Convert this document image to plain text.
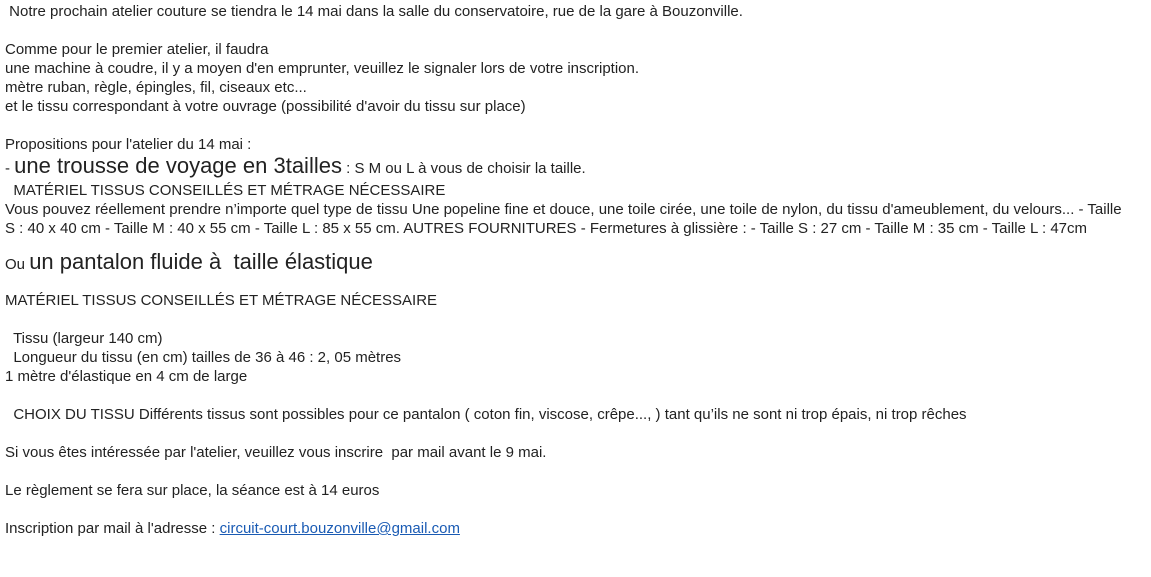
Notre prochain atelier couture se tiendra le 14 mai dans la salle du conservatoire, rue de la gare à Bouzonville.
Comme pour le premier atelier, il faudra
une machine à coudre, il y a moyen d'en emprunter, veuillez le signaler lors de votre inscription.
mètre ruban, règle, épingles, fil, ciseaux etc...
et le tissu correspondant à votre ouvrage (possibilité d'avoir du tissu sur place)
Propositions pour l'atelier du 14 mai :
- une trousse de voyage en 3tailles : S M ou L à vous de choisir la taille.
MATÉRIEL TISSUS CONSEILLÉS ET MÉTRAGE NÉCESSAIRE
Vous pouvez réellement prendre n’importe quel type de tissu Une popeline fine et douce, une toile cirée, une toile de nylon, du tissu d'ameublement, du velours... - Taille S : 40 x 40 cm - Taille M : 40 x 55 cm - Taille L : 85 x 55 cm. AUTRES FOURNITURES - Fermetures à glissière : - Taille S : 27 cm - Taille M : 35 cm - Taille L : 47cm
Ou un pantalon fluide à  taille élastique
MATÉRIEL TISSUS CONSEILLÉS ET MÉTRAGE NÉCESSAIRE
Tissu (largeur 140 cm)
Longueur du tissu (en cm) tailles de 36 à 46 : 2, 05 mètres
1 mètre d'élastique en 4 cm de large
CHOIX DU TISSU Différents tissus sont possibles pour ce pantalon ( coton fin, viscose, crêpe..., ) tant qu’ils ne sont ni trop épais, ni trop rêches
Si vous êtes intéressée par l'atelier, veuillez vous inscrire  par mail avant le 9 mai.
Le règlement se fera sur place, la séance est à 14 euros
Inscription par mail à l'adresse : circuit-court.bouzonville@gmail.com
